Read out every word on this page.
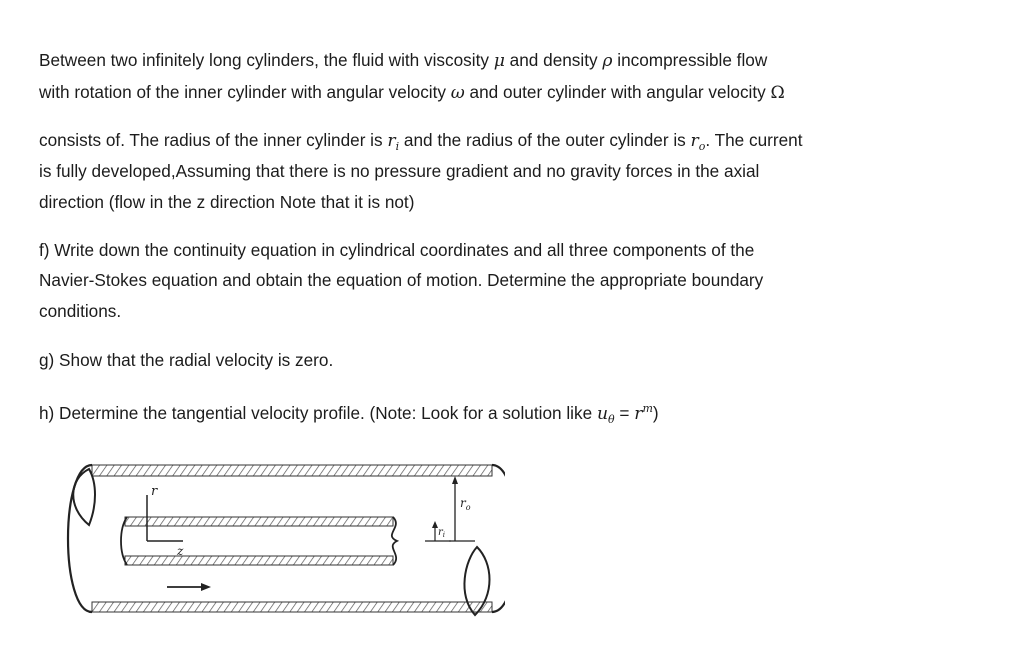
Between two infinitely long cylinders, the fluid with viscosity μ and density ρ incompressible flow

with rotation of the inner cylinder with angular velocity ω and outer cylinder with angular velocity Ω

consists of. The radius of the inner cylinder is $r_i$ and the radius of the outer cylinder is $r_o$. The current

is fully developed,Assuming that there is no pressure gradient and no gravity forces in the axial

direction (flow in the z direction Note that it is not)

f) Write down the continuity equation in cylindrical coordinates and all three components of the

Navier-Stokes equation and obtain the equation of motion. Determine the appropriate boundary

conditions.

g) Show that the radial velocity is zero.

h) Determine the tangential velocity profile. (Note: Look for a solution like $u_\theta = r^m$)

r
z
$r_o$
$r_i$
